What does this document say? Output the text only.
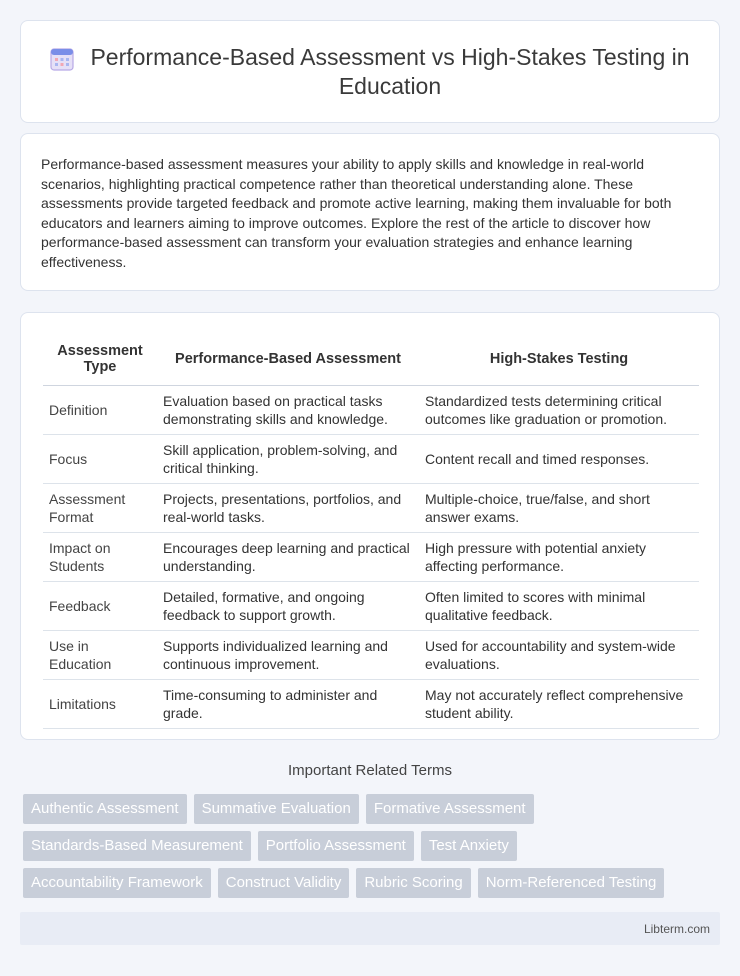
Performance-Based Assessment vs High-Stakes Testing in Education

Performance-based assessment measures your ability to apply skills and knowledge in real-world scenarios, highlighting practical competence rather than theoretical understanding alone. These assessments provide targeted feedback and promote active learning, making them invaluable for both educators and learners aiming to improve outcomes. Explore the rest of the article to discover how performance-based assessment can transform your evaluation strategies and enhance learning effectiveness.

Assessment Type	Performance-Based Assessment	High-Stakes Testing
Definition	Evaluation based on practical tasks demonstrating skills and knowledge.	Standardized tests determining critical outcomes like graduation or promotion.
Focus	Skill application, problem-solving, and critical thinking.	Content recall and timed responses.
Assessment Format	Projects, presentations, portfolios, and real-world tasks.	Multiple-choice, true/false, and short answer exams.
Impact on Students	Encourages deep learning and practical understanding.	High pressure with potential anxiety affecting performance.
Feedback	Detailed, formative, and ongoing feedback to support growth.	Often limited to scores with minimal qualitative feedback.
Use in Education	Supports individualized learning and continuous improvement.	Used for accountability and system-wide evaluations.
Limitations	Time-consuming to administer and grade.	May not accurately reflect comprehensive student ability.
Important Related Terms
Authentic Assessment	Summative Evaluation	Formative Assessment
Standards-Based Measurement	Portfolio Assessment	Test Anxiety
Accountability Framework	Construct Validity	Rubric Scoring	Norm-Referenced Testing
Libterm.com
